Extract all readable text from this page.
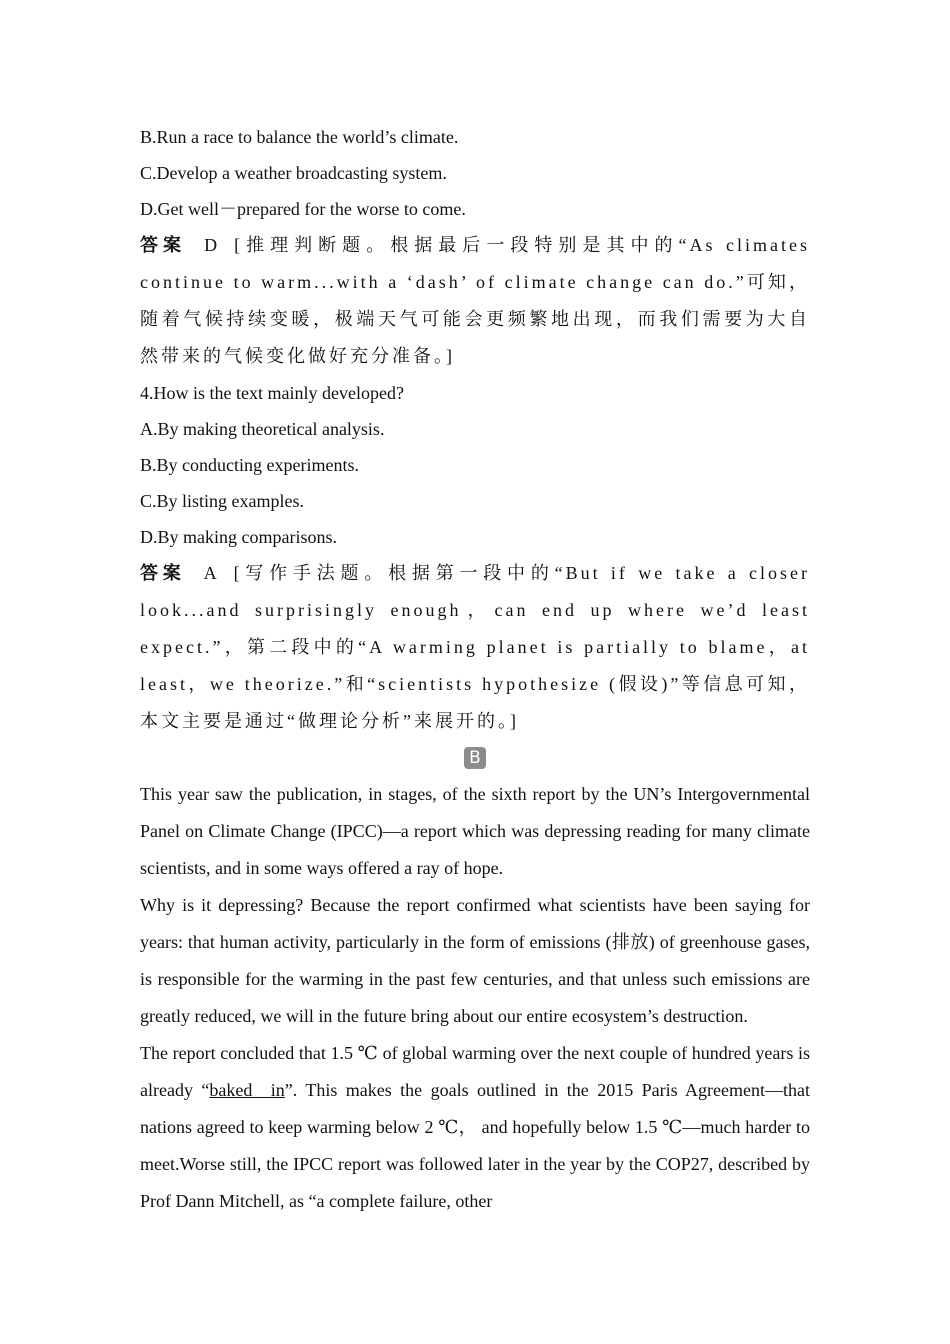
B.Run a race to balance the world’s climate.

C.Develop a weather broadcasting system.

D.Get well－prepared for the worse to come.

答案 D [推理判断题。根据最后一段特别是其中的“As climates continue to warm...with a ‘dash’ of climate change can do.”可知，随着气候持续变暖，极端天气可能会更频繁地出现，而我们需要为大自然带来的气候变化做好充分准备。]

4.How is the text mainly developed?

A.By making theoretical analysis.

B.By conducting experiments.

C.By listing examples.

D.By making comparisons.

答案 A [写作手法题。根据第一段中的“But if we take a closer look...and surprisingly enough，can end up where we’d least expect.”，第二段中的“A warming planet is partially to blame，at least，we theorize.”和“scientists hypothesize (假设)”等信息可知，本文主要是通过“做理论分析”来展开的。]

B

This year saw the publication, in stages, of the sixth report by the UN’s Intergovernmental Panel on Climate Change (IPCC)—a report which was depressing reading for many climate scientists, and in some ways offered a ray of hope.

Why is it depressing? Because the report confirmed what scientists have been saying for years: that human activity, particularly in the form of emissions (排放) of greenhouse gases, is responsible for the warming in the past few centuries, and that unless such emissions are greatly reduced, we will in the future bring about our entire ecosystem’s destruction.

The report concluded that 1.5 ℃ of global warming over the next couple of hundred years is already “baked in”. This makes the goals outlined in the 2015 Paris Agreement—that nations agreed to keep warming below 2 ℃， and hopefully below 1.5 ℃—much harder to meet.Worse still, the IPCC report was followed later in the year by the COP27, described by Prof Dann Mitchell, as “a complete failure, other
